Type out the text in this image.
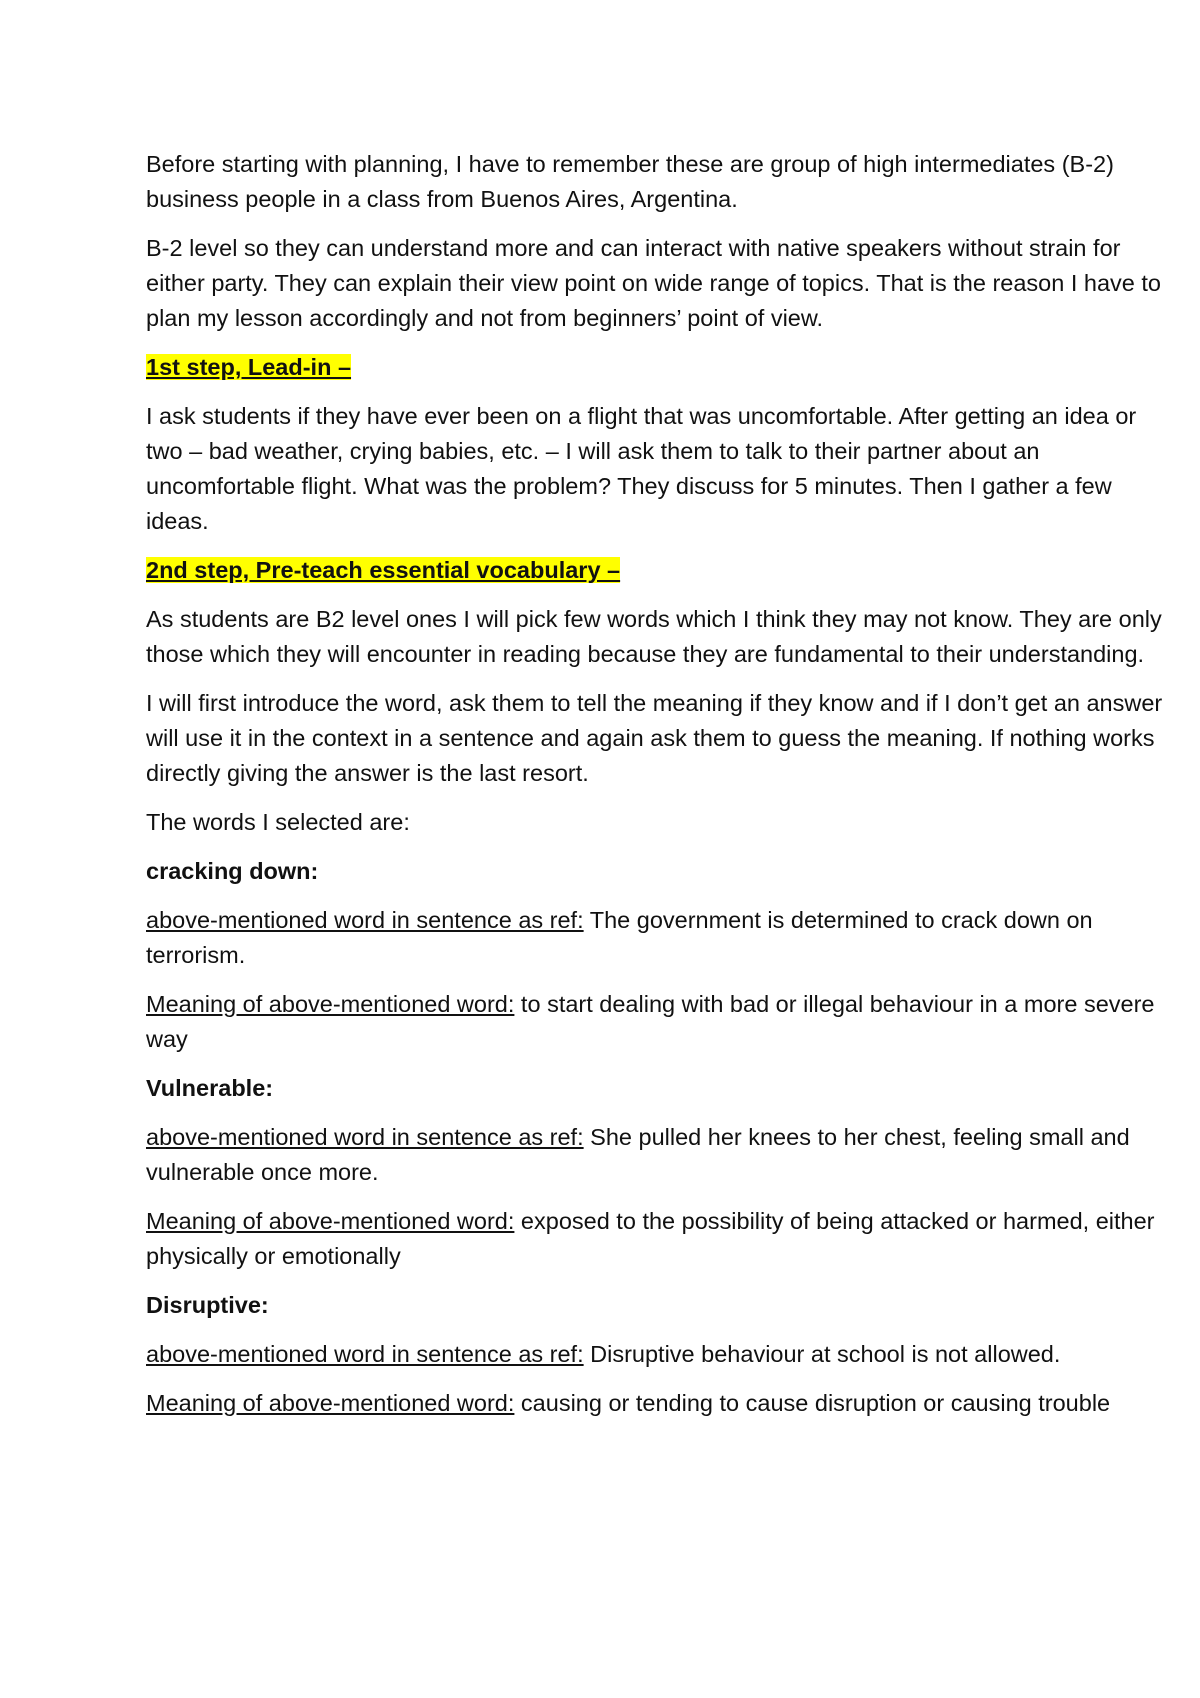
Before starting with planning, I have to remember these are group of high intermediates (B-2) business people in a class from Buenos Aires, Argentina.

B-2 level so they can understand more and can interact with native speakers without strain for either party. They can explain their view point on wide range of topics. That is the reason I have to plan my lesson accordingly and not from beginners’ point of view.

1st step, Lead-in –

I ask students if they have ever been on a flight that was uncomfortable. After getting an idea or two – bad weather, crying babies, etc. – I will ask them to talk to their partner about an uncomfortable flight. What was the problem? They discuss for 5 minutes. Then I gather a few ideas.

2nd step, Pre-teach essential vocabulary –

As students are B2 level ones I will pick few words which I think they may not know. They are only those which they will encounter in reading because they are fundamental to their understanding.

I will first introduce the word, ask them to tell the meaning if they know and if I don’t get an answer will use it in the context in a sentence and again ask them to guess the meaning. If nothing works directly giving the answer is the last resort.

The words I selected are:

cracking down:

above-mentioned word in sentence as ref: The government is determined to crack down on terrorism.

Meaning of above-mentioned word: to start dealing with bad or illegal behaviour in a more severe way

Vulnerable:

above-mentioned word in sentence as ref: She pulled her knees to her chest, feeling small and vulnerable once more.

Meaning of above-mentioned word: exposed to the possibility of being attacked or harmed, either physically or emotionally

Disruptive:

above-mentioned word in sentence as ref: Disruptive behaviour at school is not allowed.

Meaning of above-mentioned word: causing or tending to cause disruption or causing trouble
